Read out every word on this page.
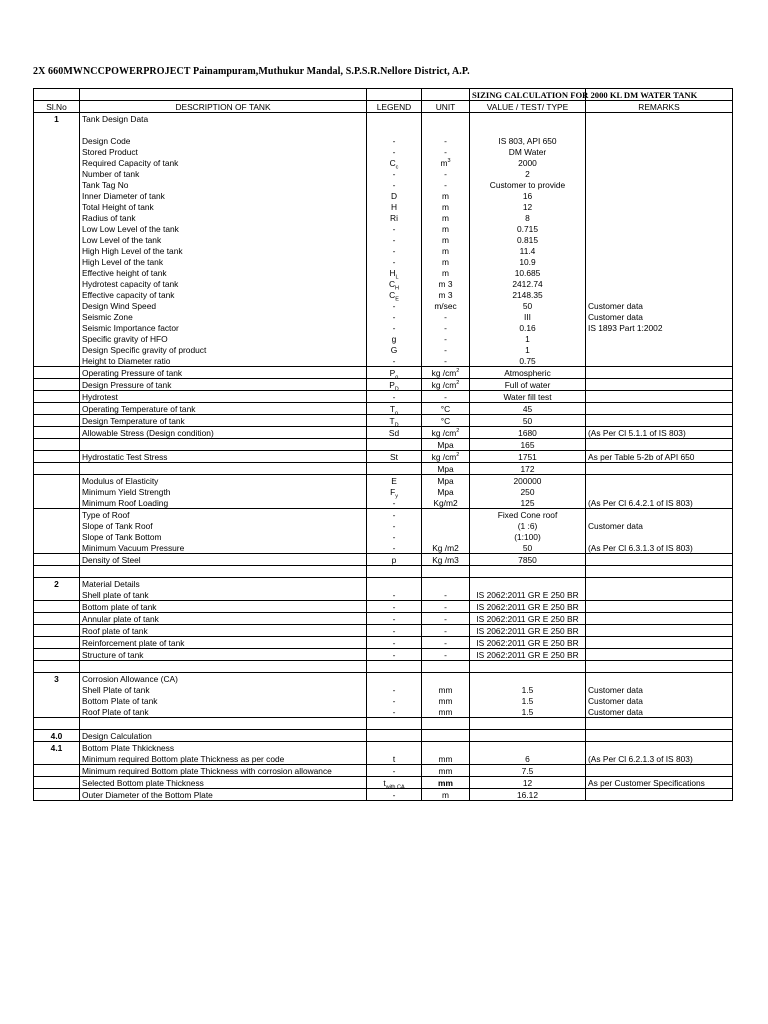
2X 660MWNCCPOWERPROJECT Painampuram,Muthukur Mandal, S.P.S.R.Nellore District, A.P.
				SIZING CALCULATION FOR 2000 KL DM WATER TANK	
Sl.No	DESCRIPTION OF TANK	LEGEND	UNIT	VALUE / TEST/ TYPE	REMARKS
1	Tank Design Data				

	Design Code	-	-	IS 803, API 650	
	Stored Product	-	-	DM Water	
	Required Capacity of tank	$C_c$	$m^3$	2000	
	Number of tank	-	-	2	
	Tank Tag No	-	-	Customer to provide	
	Inner Diameter of tank	D	m	16	
	Total Height of tank	H	m	12	
	Radius of tank	Ri	m	8	
	Low Low Level of the tank	-	m	0.715	
	Low Level of the tank	-	m	0.815	
	High High Level of the tank	-	m	11.4	
	High Level of the tank	-	m	10.9	
	Effective height of tank	$H_L$	m	10.685	
	Hydrotest capacity of tank	$C_H$	m 3	2412.74	
	Effective capacity of tank	$C_E$	m 3	2148.35	
	Design Wind Speed	-	m/sec	50	Customer data
	Seismic Zone	-	-	III	Customer data
	Seismic Importance factor	-	-	0.16	IS 1893 Part 1:2002
	Specific gravity of HFO	g	-	1	
	Design Specific gravity of product	G	-	1	
	Height to Diameter ratio	-	-	0.75	
	Operating Pressure of tank	$P_o$	kg $/cm^2$	Atmospheric	
	Design Pressure of tank	$P_D$	kg $/cm^2$	Full of water	
	Hydrotest	-	-	Water fill test	
	Operating Temperature of tank	$T_o$	°C	45	
	Design Temperature of tank	$T_D$	°C	50	
	Allowable Stress (Design condition)	Sd	kg $/cm^2$	1680	(As Per Cl 5.1.1 of IS 803)
			Mpa	165	
	Hydrostatic Test Stress	St	kg $/cm^2$	1751	As per Table 5-2b of API 650
			Mpa	172	
	Modulus of Elasticity	E	Mpa	200000	
	Minimum Yield Strength	$F_y$	Mpa	250	
	Minimum Roof Loading	-	Kg/m2	125	(As Per Cl 6.4.2.1 of IS 803)
	Type of Roof	-		Fixed Cone roof	
	Slope of Tank Roof	-		(1 :6)	Customer data
	Slope of Tank Bottom	-		(1:100)	
	Minimum Vacuum Pressure	-	Kg /m2	50	(As Per Cl 6.3.1.3 of IS 803)
	Density of Steel	p	Kg /m3	7850	

2	Material Details				
	Shell plate of tank	-	-	IS 2062:2011 GR E 250 BR	
	Bottom plate of tank	-	-	IS 2062:2011 GR E 250 BR	
	Annular plate of tank	-	-	IS 2062:2011 GR E 250 BR	
	Roof plate of tank	-	-	IS 2062:2011 GR E 250 BR	
	Reinforcement plate of tank	-	-	IS 2062:2011 GR E 250 BR	
	Structure of tank	-	-	IS 2062:2011 GR E 250 BR	

3	Corrosion Allowance (CA)				
	Shell Plate of tank	-	mm	1.5	Customer data
	Bottom Plate of tank	-	mm	1.5	Customer data
	Roof Plate of tank	-	mm	1.5	Customer data

4.0	Design Calculation				
4.1	Bottom Plate Thkickness				
	Minimum required Bottom plate Thickness as per code	t	mm	6	(As Per Cl 6.2.1.3 of IS 803)
	Minimum required Bottom plate Thickness with corrosion allowance	-	mm	7.5	
	Selected Bottom plate Thickness	$t_{with CA}$	mm	12	As per Customer Specifications
	Outer Diameter of the Bottom Plate	-	m	16.12	
